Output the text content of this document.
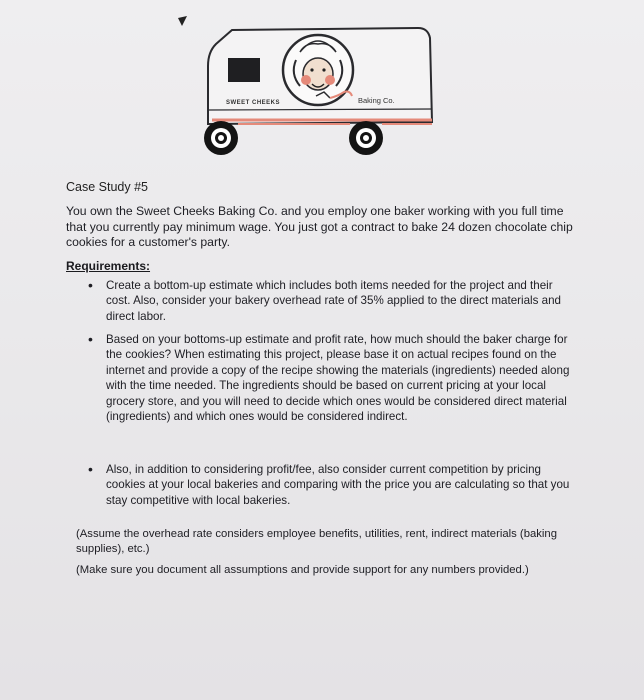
SWEET CHEEKS	Baking Co.
Case Study #5
You own the Sweet Cheeks Baking Co. and you employ one baker working with you full time that you currently pay minimum wage. You just got a contract to bake 24 dozen chocolate chip cookies for a customer's party.
Requirements:
• Create a bottom-up estimate which includes both items needed for the project and their cost. Also, consider your bakery overhead rate of 35% applied to the direct materials and direct labor.
• Based on your bottoms-up estimate and profit rate, how much should the baker charge for the cookies? When estimating this project, please base it on actual recipes found on the internet and provide a copy of the recipe showing the materials (ingredients) needed along with the time needed. The ingredients should be based on current pricing at your local grocery store, and you will need to decide which ones would be considered direct material (ingredients) and which ones would be considered indirect.
• Also, in addition to considering profit/fee, also consider current competition by pricing cookies at your local bakeries and comparing with the price you are calculating so that you stay competitive with local bakeries.
(Assume the overhead rate considers employee benefits, utilities, rent, indirect materials (baking supplies), etc.)
(Make sure you document all assumptions and provide support for any numbers provided.)
